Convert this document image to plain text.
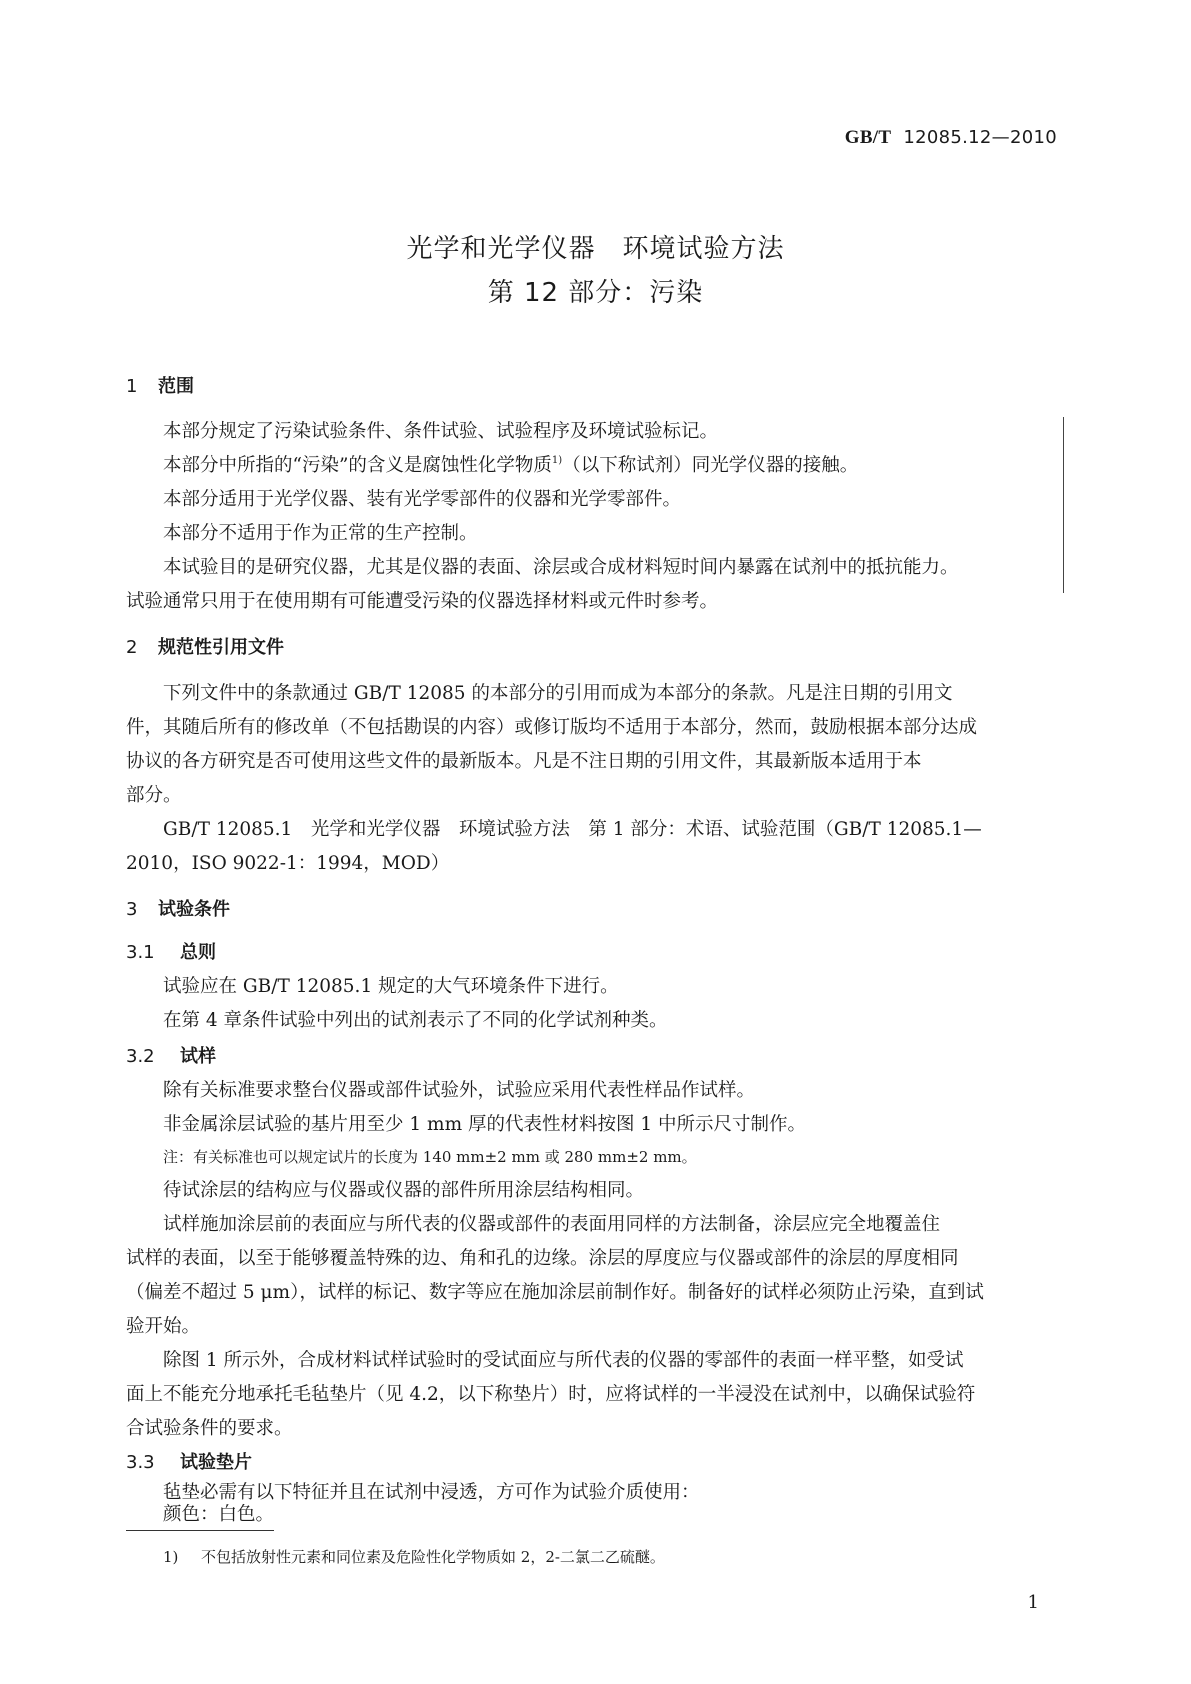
GB/T 12085.12—2010
光学和光学仪器　环境试验方法
第 12 部分：污染
1 范围
本部分规定了污染试验条件、条件试验、试验程序及环境试验标记。
本部分中所指的“污染”的含义是腐蚀性化学物质$^{1)}$（以下称试剂）同光学仪器的接触。
本部分适用于光学仪器、装有光学零部件的仪器和光学零部件。
本部分不适用于作为正常的生产控制。
本试验目的是研究仪器，尤其是仪器的表面、涂层或合成材料短时间内暴露在试剂中的抵抗能力。
试验通常只用于在使用期有可能遭受污染的仪器选择材料或元件时参考。
2 规范性引用文件
下列文件中的条款通过 GB/T 12085 的本部分的引用而成为本部分的条款。凡是注日期的引用文
件，其随后所有的修改单（不包括勘误的内容）或修订版均不适用于本部分，然而，鼓励根据本部分达成
协议的各方研究是否可使用这些文件的最新版本。凡是不注日期的引用文件，其最新版本适用于本
部分。
GB/T 12085.1　光学和光学仪器　环境试验方法　第 1 部分：术语、试验范围（GB/T 12085.1—
2010，ISO 9022-1：1994，MOD）
3 试验条件
3.1 总则
试验应在 GB/T 12085.1 规定的大气环境条件下进行。
在第 4 章条件试验中列出的试剂表示了不同的化学试剂种类。
3.2 试样
除有关标准要求整台仪器或部件试验外，试验应采用代表性样品作试样。
非金属涂层试验的基片用至少 1 mm 厚的代表性材料按图 1 中所示尺寸制作。
注：有关标准也可以规定试片的长度为 140 mm±2 mm 或 280 mm±2 mm。
待试涂层的结构应与仪器或仪器的部件所用涂层结构相同。
试样施加涂层前的表面应与所代表的仪器或部件的表面用同样的方法制备，涂层应完全地覆盖住
试样的表面，以至于能够覆盖特殊的边、角和孔的边缘。涂层的厚度应与仪器或部件的涂层的厚度相同
（偏差不超过 5 μm），试样的标记、数字等应在施加涂层前制作好。制备好的试样必须防止污染，直到试
验开始。
除图 1 所示外，合成材料试样试验时的受试面应与所代表的仪器的零部件的表面一样平整，如受试
面上不能充分地承托毛毡垫片（见 4.2，以下称垫片）时，应将试样的一半浸没在试剂中，以确保试验符
合试验条件的要求。
3.3 试验垫片
毡垫必需有以下特征并且在试剂中浸透，方可作为试验介质使用：
颜色：白色。
1) 不包括放射性元素和同位素及危险性化学物质如 2，2-二氯二乙硫醚。
1
